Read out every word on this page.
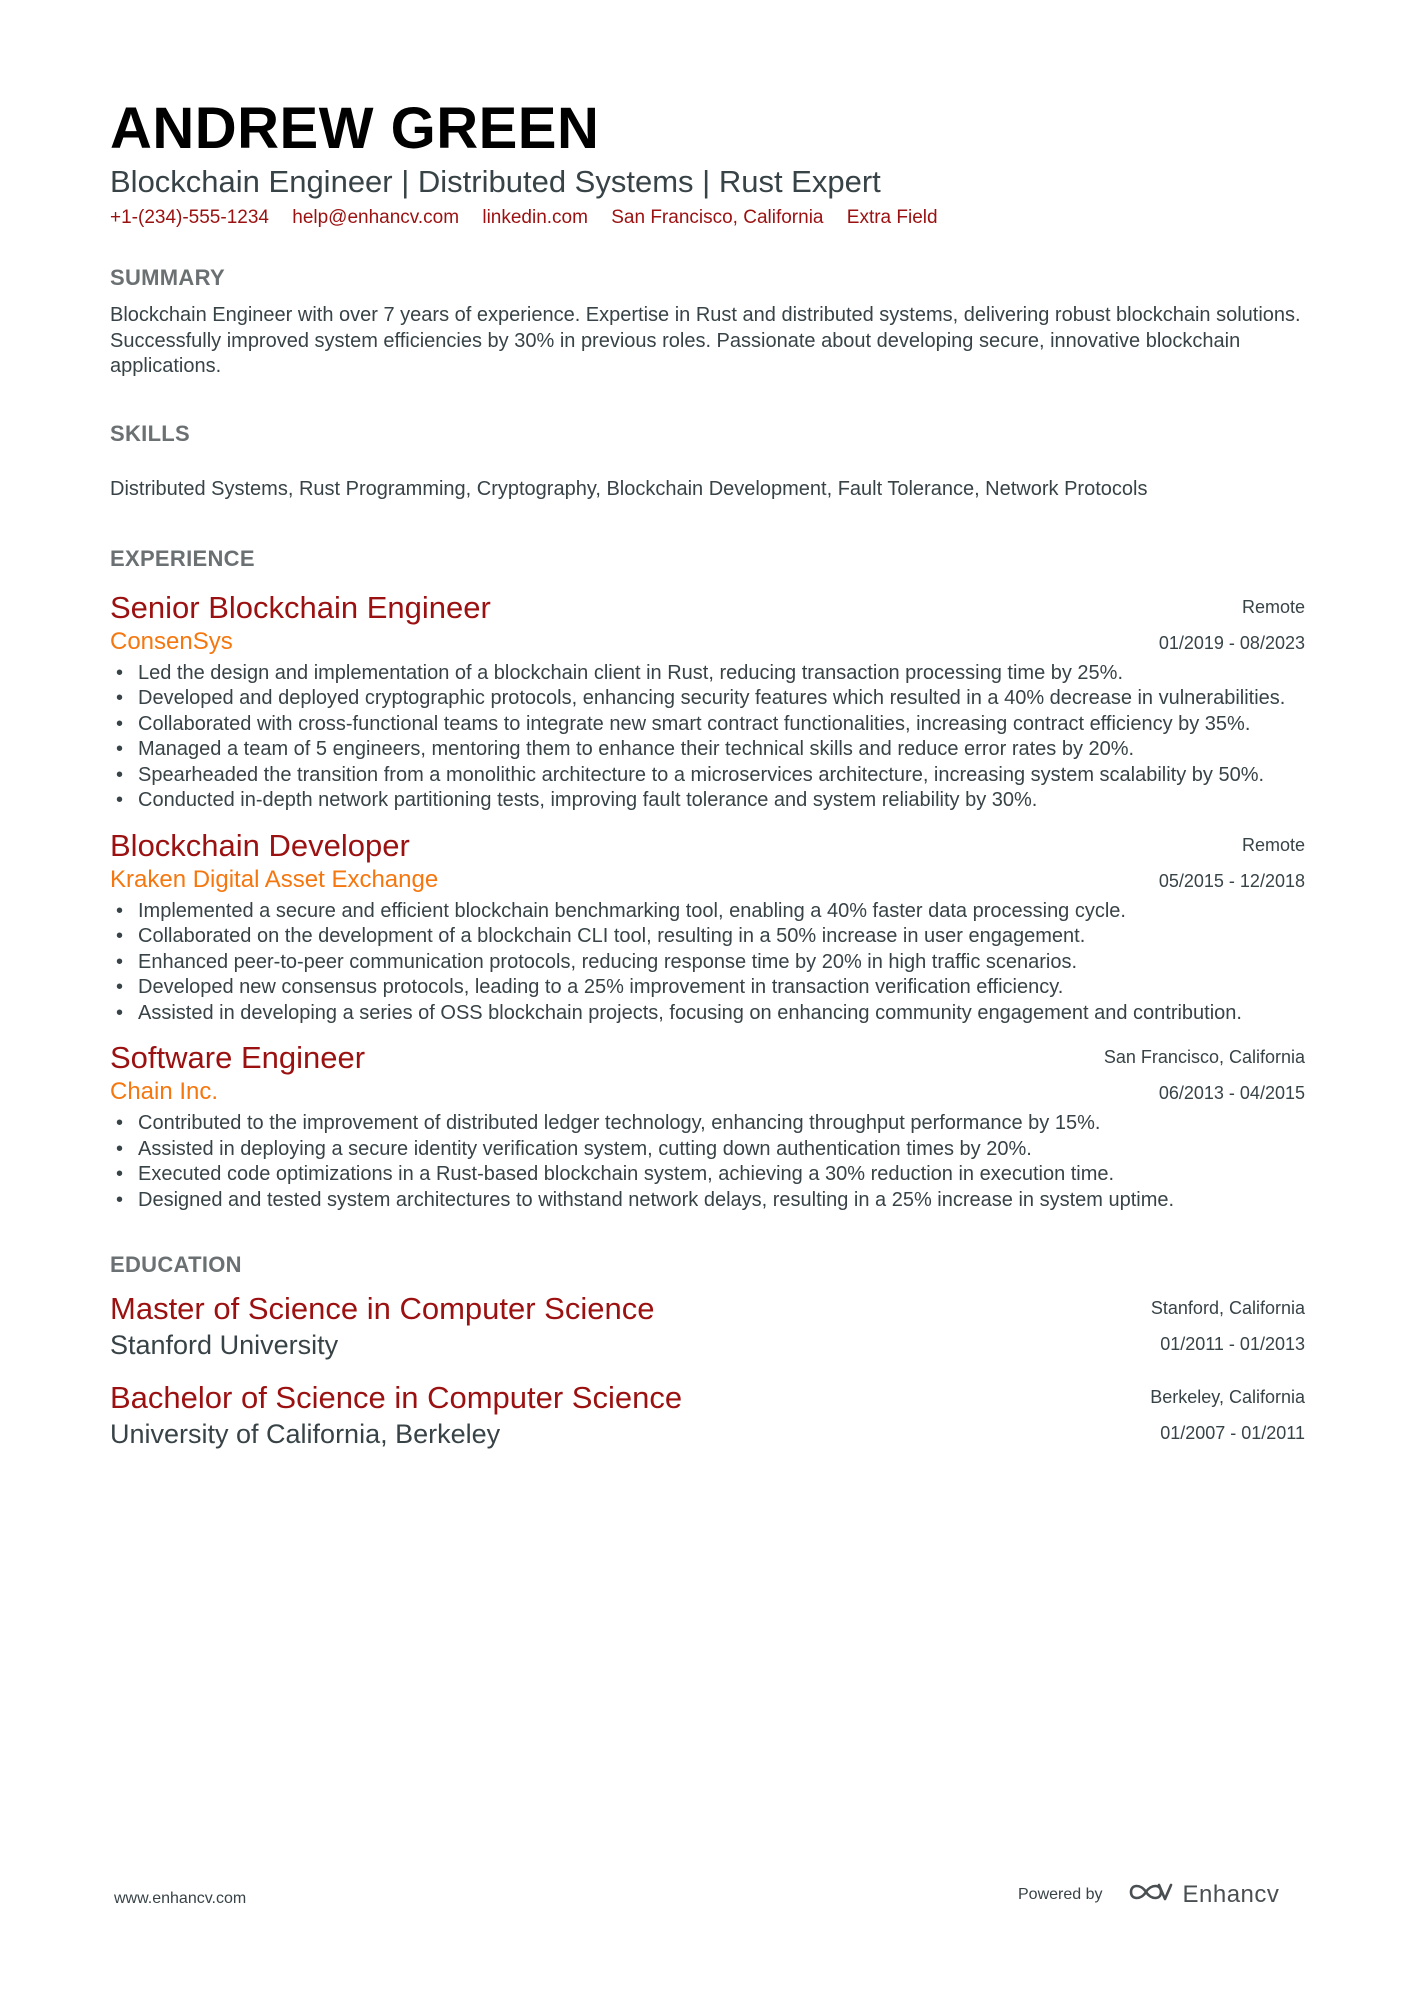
ANDREW GREEN
Blockchain Engineer | Distributed Systems | Rust Expert
+1-(234)-555-1234 help@enhancv.com linkedin.com San Francisco, California Extra Field
SUMMARY
Blockchain Engineer with over 7 years of experience. Expertise in Rust and distributed systems, delivering robust blockchain solutions. Successfully improved system efficiencies by 30% in previous roles. Passionate about developing secure, innovative blockchain applications.
SKILLS
Distributed Systems, Rust Programming, Cryptography, Blockchain Development, Fault Tolerance, Network Protocols
EXPERIENCE
Senior Blockchain Engineer
ConsenSys
Remote
01/2019 - 08/2023
• Led the design and implementation of a blockchain client in Rust, reducing transaction processing time by 25%.
• Developed and deployed cryptographic protocols, enhancing security features which resulted in a 40% decrease in vulnerabilities.
• Collaborated with cross-functional teams to integrate new smart contract functionalities, increasing contract efficiency by 35%.
• Managed a team of 5 engineers, mentoring them to enhance their technical skills and reduce error rates by 20%.
• Spearheaded the transition from a monolithic architecture to a microservices architecture, increasing system scalability by 50%.
• Conducted in-depth network partitioning tests, improving fault tolerance and system reliability by 30%.
Blockchain Developer
Kraken Digital Asset Exchange
Remote
05/2015 - 12/2018
• Implemented a secure and efficient blockchain benchmarking tool, enabling a 40% faster data processing cycle.
• Collaborated on the development of a blockchain CLI tool, resulting in a 50% increase in user engagement.
• Enhanced peer-to-peer communication protocols, reducing response time by 20% in high traffic scenarios.
• Developed new consensus protocols, leading to a 25% improvement in transaction verification efficiency.
• Assisted in developing a series of OSS blockchain projects, focusing on enhancing community engagement and contribution.
Software Engineer
Chain Inc.
San Francisco, California
06/2013 - 04/2015
• Contributed to the improvement of distributed ledger technology, enhancing throughput performance by 15%.
• Assisted in deploying a secure identity verification system, cutting down authentication times by 20%.
• Executed code optimizations in a Rust-based blockchain system, achieving a 30% reduction in execution time.
• Designed and tested system architectures to withstand network delays, resulting in a 25% increase in system uptime.
EDUCATION
Master of Science in Computer Science
Stanford University
Stanford, California
01/2011 - 01/2013
Bachelor of Science in Computer Science
University of California, Berkeley
Berkeley, California
01/2007 - 01/2011
www.enhancv.com	Powered by	Enhancv
